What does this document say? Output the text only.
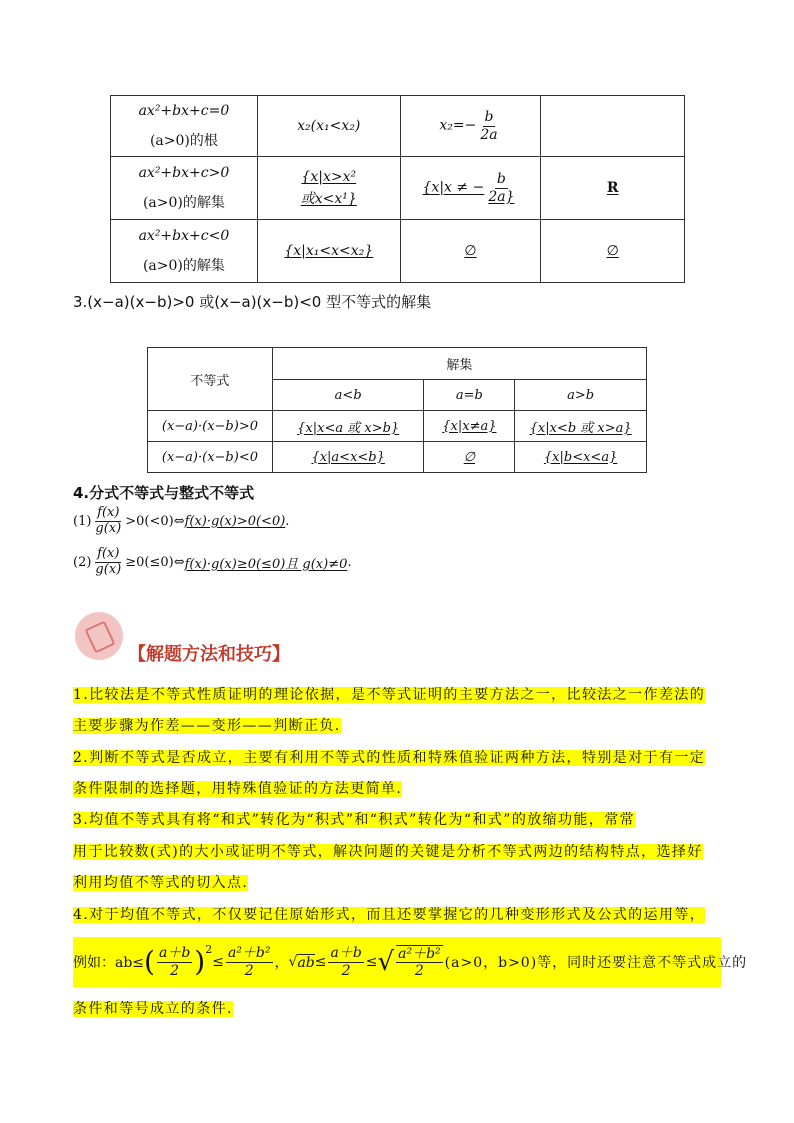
ax²+bx+c=0
(a>0)的根	x₂(x₁<x₂)	$x_2=- \frac{b}{2a}$

ax²+bx+c>0
(a>0)的解集	{x|x>x²
或x<x¹}	{x|x ≠ − $\frac{b}{2a\}}$	R
ax²+bx+c<0
(a>0)的解集	{x|x₁<x<x₂}	∅	∅
3.(x−a)(x−b)>0 或(x−a)(x−b)<0 型不等式的解集
不等式	解集		
	a<b	a=b	a>b
(x−a)·(x−b)>0	{x|x<a 或 x>b}	{x|x≠a}	{x|x<b 或 x>a}
(x−a)·(x−b)<0	{x|a<x<b}	∅	{x|b<x<a}
4.分式不等式与整式不等式
$(1) \frac{f(x)}{g(x)}$ >0(<0)⇔ f(x)·g(x)>0(<0) .
$(2) \frac{f(x)}{g(x)}$ ≥0(≤0)⇔ f(x)·g(x)≥0(≤0)且 g(x)≠0 .
【解题方法和技巧】
1.比较法是不等式性质证明的理论依据，是不等式证明的主要方法之一，比较法之一作差法的
主要步骤为作差——变形——判断正负.
2.判断不等式是否成立，主要有利用不等式的性质和特殊值验证两种方法，特别是对于有一定
条件限制的选择题，用特殊值验证的方法更简单.
3.均值不等式具有将“和式”转化为“积式”和“积式”转化为“和式”的放缩功能，常常
用于比较数(式)的大小或证明不等式，解决问题的关键是分析不等式两边的结构特点，选择好
利用均值不等式的切入点.
4.对于均值不等式，不仅要记住原始形式，而且还要掌握它的几种变形形式及公式的运用等，
例如：ab≤ ( $\frac{a+b}{2} )^2$
≤ $\frac{\text{a²＋b²}}{2}$ ， √ ab ≤ $\frac{a+b}{2}$ ≤ √ $\frac{\text{a²＋b²}}{2} (a>0$，b>0)等，同时还要注意不等式成立的
条件和等号成立的条件.
